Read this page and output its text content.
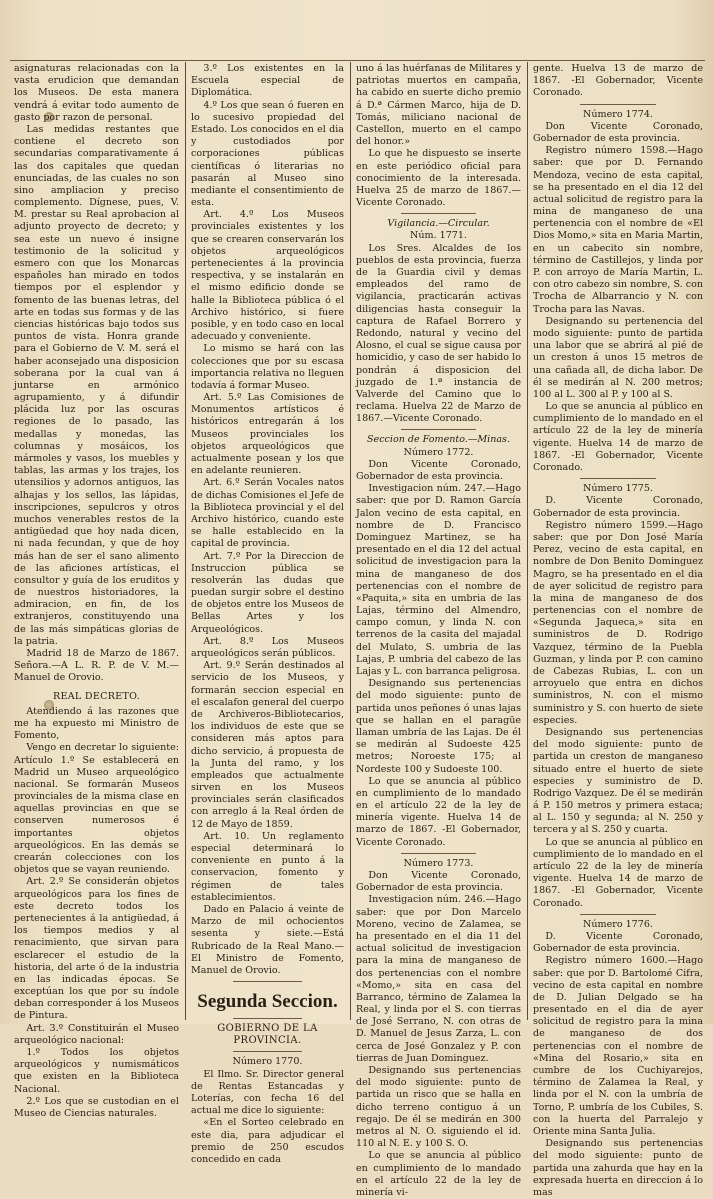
asignaturas relacionadas con la vasta erudicion que demandan los Museos. De esta manera vendrá á evitar todo aumento de gasto por razon de personal.

Las medidas restantes que contiene el decreto son secundarias comparativamente á las dos capitales que quedan enunciadas, de las cuales no son sino ampliacion y preciso complemento. Dígnese, pues, V. M. prestar su Real aprobacion al adjunto proyecto de decreto; y sea este un nuevo é insigne testimonio de la solicitud y esmero con que los Monarcas españoles han mirado en todos tiempos por el esplendor y fomento de las buenas letras, del arte en todas sus formas y de las ciencias históricas bajo todos sus puntos de vista. Honra grande para el Gobierno de V. M. será el haber aconsejado una disposicion soberana por la cual van á juntarse en armónico agrupamiento, y á difundir plácida luz por las oscuras regiones de lo pasado, las medallas y monedas, las columnas y mosáicos, los mármoles y vasos, los muebles y tablas, las armas y los trajes, los utensilios y adornos antiguos, las alhajas y los sellos, las lápidas, inscripciones, sepulcros y otros muchos venerables restos de la antigüedad que hoy nada dicen, ni nada fecundan, y que de hoy más han de ser el sano alimento de las aficiones artísticas, el consultor y guía de los eruditos y de nuestros historiadores, la admiracion, en fin, de los extranjeros, constituyendo una de las más simpáticas glorias de la patria.

Madrid 18 de Marzo de 1867. Señora.—A L. R. P. de V. M.— Manuel de Orovio.

REAL DECRETO.

Atendiendo á las razones que me ha expuesto mi Ministro de Fomento,

Vengo en decretar lo siguiente: Artículo 1.º Se establecerá en Madrid un Museo arqueológico nacional. Se formarán Museos provinciales de la misma clase en aquellas provincias en que se conserven numerosos é importantes objetos arqueológicos. En las demás se crearán colecciones con los objetos que se vayan reuniendo.

Art. 2.º Se considerán objetos arqueológicos para los fines de este decreto todos los pertenecientes á la antigüedad, á los tiempos medios y al renacimiento, que sirvan para esclarecer el estudio de la historia, del arte ó de la industria en las indicadas épocas. Se exceptúan los que por su índole deban corresponder á los Museos de Pintura.

Art. 3.º Constituirán el Museo arqueológico nacional:

1.º Todos los objetos arqueológicos y numismáticos que existen en la Biblioteca Nacional.

2.º Los que se custodian en el Museo de Ciencias naturales.

3.º Los existentes en la Escuela especial de Diplomática.

4.º Los que sean ó fueren en lo sucesivo propiedad del Estado. Los conocidos en el dia y custodiados por corporaciones públicas científicas ó literarias no pasarán al Museo sino mediante el consentimiento de esta.

Art. 4.º Los Museos provinciales existentes y los que se crearen conservarán los objetos arqueológicos pertenecientes á la provincia respectiva, y se instalarán en el mismo edificio donde se halle la Biblioteca pública ó el Archivo histórico, si fuere posible, y en todo caso en local adecuado y conveniente.

Lo mismo se hará con las colecciones que por su escasa importancia relativa no lleguen todavía á formar Museo.

Art. 5.º Las Comisiones de Monumentos artísticos é históricos entregarán á los Museos provinciales los objetos arqueológicos que actualmente posean y los que en adelante reunieren.

Art. 6.º Serán Vocales natos de dichas Comisiones el Jefe de la Biblioteca provincial y el del Archivo histórico, cuando este se halle establecido en la capital de provincia.

Art. 7.º Por la Direccion de Instruccion pública se resolverán las dudas que puedan surgir sobre el destino de objetos entre los Museos de Bellas Artes y los Arqueológicos.

Art. 8.º Los Museos arqueológicos serán públicos.

Art. 9.º Serán destinados al servicio de los Museos, y formarán seccion especial en el escalafon general del cuerpo de Archiveros-Bibliotecarios, los individuos de este que se consideren más aptos para dicho servicio, á propuesta de la Junta del ramo, y los empleados que actualmente sirven en los Museos provinciales serán clasificados con arreglo á la Real órden de 12 de Mayo de 1859.

Art. 10. Un reglamento especial determinará lo conveniente en punto á la conservacion, fomento y régimen de tales establecimientos.

Dado en Palacio á veinte de Marzo de mil ochocientos sesenta y siete.—Está Rubricado de la Real Mano.—El Ministro de Fomento, Manuel de Orovio.

Segunda Seccion.

GOBIERNO DE LA PROVINCIA.

Número 1770.

El Ilmo. Sr. Director general de Rentas Estancadas y Loterías, con fecha 16 del actual me dice lo siguiente:

«En el Sorteo celebrado en este dia, para adjudicar el premio de 250 escudos concedido en cada

uno á las huérfanas de Militares y patriotas muertos en campaña, ha cabido en suerte dicho premio á D.ª Cármen Marco, hija de D. Tomás, miliciano nacional de Castellon, muerto en el campo del honor.»

Lo que he dispuesto se inserte en este periódico oficial para conocimiento de la interesada. Huelva 25 de marzo de 1867.—Vicente Coronado.

Vigilancia.—Circular.

Núm. 1771.

Los Sres. Alcaldes de los pueblos de esta provincia, fuerza de la Guardia civil y demas empleados del ramo de vigilancia, practicarán activas diligencias hasta conseguir la captura de Rafael Borrero y Redondo, natural y vecino del Alosno, el cual se sigue causa por homicidio, y caso de ser habido lo pondrán á disposicion del juzgado de 1.ª instancia de Valverde del Camino que lo reclama. Huelva 22 de Marzo de 1867.—Vicente Coronado.

Seccion de Fomento.—Minas.

Número 1772.

Don Vicente Coronado, Gobernador de esta provincia.

Investigacion núm. 247.—Hago saber: que por D. Ramon García Jalon vecino de esta capital, en nombre de D. Francisco Dominguez Martinez, se ha presentado en el dia 12 del actual solicitud de investigacion para la mina de manganeso de dos pertenencias con el nombre de «Paquita,» sita en umbria de las Lajas, término del Almendro, campo comun, y linda N. con terrenos de la casita del majadal del Mulato, S. umbria de las Lajas, P. umbria del cabezo de las Lajas y L. con barranca peligrosa.

Designando sus pertenencias del modo siguiente: punto de partida unos peñones ó unas lajas que se hallan en el paragüe llaman umbría de las Lajas. De él se medirán al Sudoeste 425 metros; Noroeste 175; al Nordeste 100 y Sudoeste 100.

Lo que se anuncia al público en cumplimiento de lo mandado en el artículo 22 de la ley de minería vigente. Huelva 14 de marzo de 1867. -El Gobernador, Vicente Coronado.

Número 1773.

Don Vicente Coronado, Gobernador de esta provincia.

Investigacion núm. 246.—Hago saber: que por Don Marcelo Moreno, vecino de Zalamea, se ha presentado en el dia 11 del actual solicitud de investigacion para la mina de manganeso de dos pertenencias con el nombre «Momo,» sita en casa del Barranco, término de Zalamea la Real, y linda por el S. con tierras de José Serrano, N. con otras de D. Manuel de Jesus Zarza, L. con cerca de José Gonzalez y P. con tierras de Juan Dominguez.

Designando sus pertenencias del modo siguiente: punto de partida un risco que se halla en dicho terreno contiguo á un regajo. De él se medirán en 300 metros al N. O. siguiendo el id. 110 al N. E. y 100 S. O.

Lo que se anuncia al público en cumplimiento de lo mandado en el artículo 22 de la ley de minería vi-

gente. Huelva 13 de marzo de 1867. -El Gobernador, Vicente Coronado.

Número 1774.

Don Vicente Coronado, Gobernador de esta provincia.

Registro número 1598.—Hago saber: que por D. Fernando Mendoza, vecino de esta capital, se ha presentado en el dia 12 del actual solicitud de registro para la mina de manganeso de una pertenencia con el nombre de «El Dios Momo,» sita en Maria Martin, en un cabecito sin nombre, término de Castillejos, y linda por P. con arroyo de María Martin, L. con otro cabezo sin nombre, S. con Trocha de Albarrancio y N. con Trocha para las Navas.

Designando su pertenencia del modo siguiente: punto de partida una labor que se abrirá al pié de un creston á unos 15 metros de una cañada all, de dicha labor. De él se medirán al N. 200 metros; 100 al L. 300 al P. y 100 al S.

Lo que se anuncia al público en cumplimiento de lo mandado en el artículo 22 de la ley de minería vigente. Huelva 14 de marzo de 1867. -El Gobernador, Vicente Coronado.

Número 1775.

D. Vicente Coronado, Gobernador de esta provincia.

Registro número 1599.—Hago saber: que por Don José María Perez, vecino de esta capital, en nombre de Don Benito Dominguez Magro, se ha presentado en el dia de ayer solicitud de registro para la mina de manganeso de dos pertenencias con el nombre de «Segunda Jaqueca,» sita en suministros de D. Rodrigo Vazquez, término de la Puebla Guzman, y linda por P. con camino de Cabezas Rubias, L. con un arroyuelo que entra en dichos suministros, N. con el mismo suministro y S. con huerto de siete especies.

Designando sus pertenencias del modo siguiente: punto de partida un creston de manganeso situado entre el huerto de siete especies y suministro de D. Rodrigo Vazquez. De él se medirán á P. 150 metros y primera estaca; al L. 150 y segunda; al N. 250 y tercera y al S. 250 y cuarta.

Lo que se anuncia al público en cumplimiento de lo mandado en el artículo 22 de la ley de minería vigente. Huelva 14 de marzo de 1867. -El Gobernador, Vicente Coronado.

Número 1776.

D. Vicente Coronado, Gobernador de esta provincia.

Registro número 1600.—Hago saber: que por D. Bartolomé Cifra, vecino de esta capital en nombre de D. Julian Delgado se ha presentado en el dia de ayer solicitud de registro para la mina de manganeso de dos pertenencias con el nombre de «Mina del Rosario,» sita en cumbre de los Cuchiyarejos, término de Zalamea la Real, y linda por el N. con la umbría de Torno, P. umbría de los Cubiles, S. con la huerta del Parralejo y Oriente mina Santa Julia.

Designando sus pertenencias del modo siguiente: punto de partida una zahurda que hay en la expresada huerta en direccion á lo mas
